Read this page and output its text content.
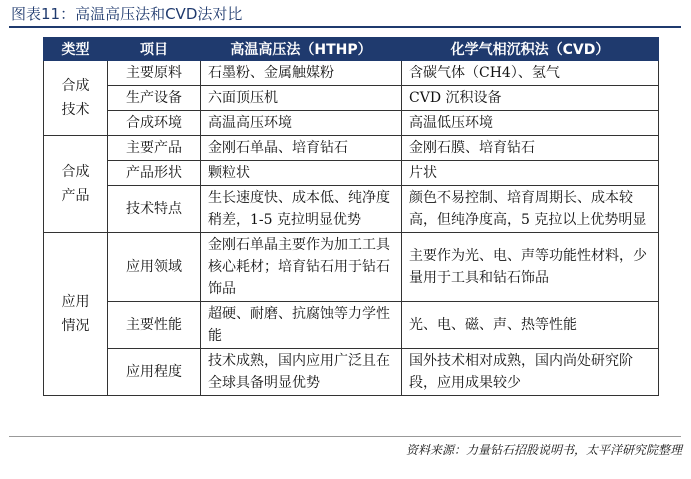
图表11：高温高压法和CVD法对比
类型	项目	高温高压法（HTHP）	化学气相沉积法（CVD）

合成技术	主要原料	石墨粉、金属触媒粉	含碳气体（CH4）、氢气
	生产设备	六面顶压机	CVD 沉积设备
	合成环境	高温高压环境	高温低压环境

合成产品	主要产品	金刚石单晶、培育钻石	金刚石膜、培育钻石
	产品形状	颗粒状	片状
	技术特点	生长速度快、成本低、纯净度稍差，1-5 克拉明显优势	颜色不易控制、培育周期长、成本较高，但纯净度高，5 克拉以上优势明显

应用情况	应用领域	金刚石单晶主要作为加工工具核心耗材；培育钻石用于钻石饰品	主要作为光、电、声等功能性材料，少量用于工具和钻石饰品
	主要性能	超硬、耐磨、抗腐蚀等力学性能	光、电、磁、声、热等性能
	应用程度	技术成熟，国内应用广泛且在全球具备明显优势	国外技术相对成熟，国内尚处研究阶段，应用成果较少
资料来源：力量钻石招股说明书，太平洋研究院整理
